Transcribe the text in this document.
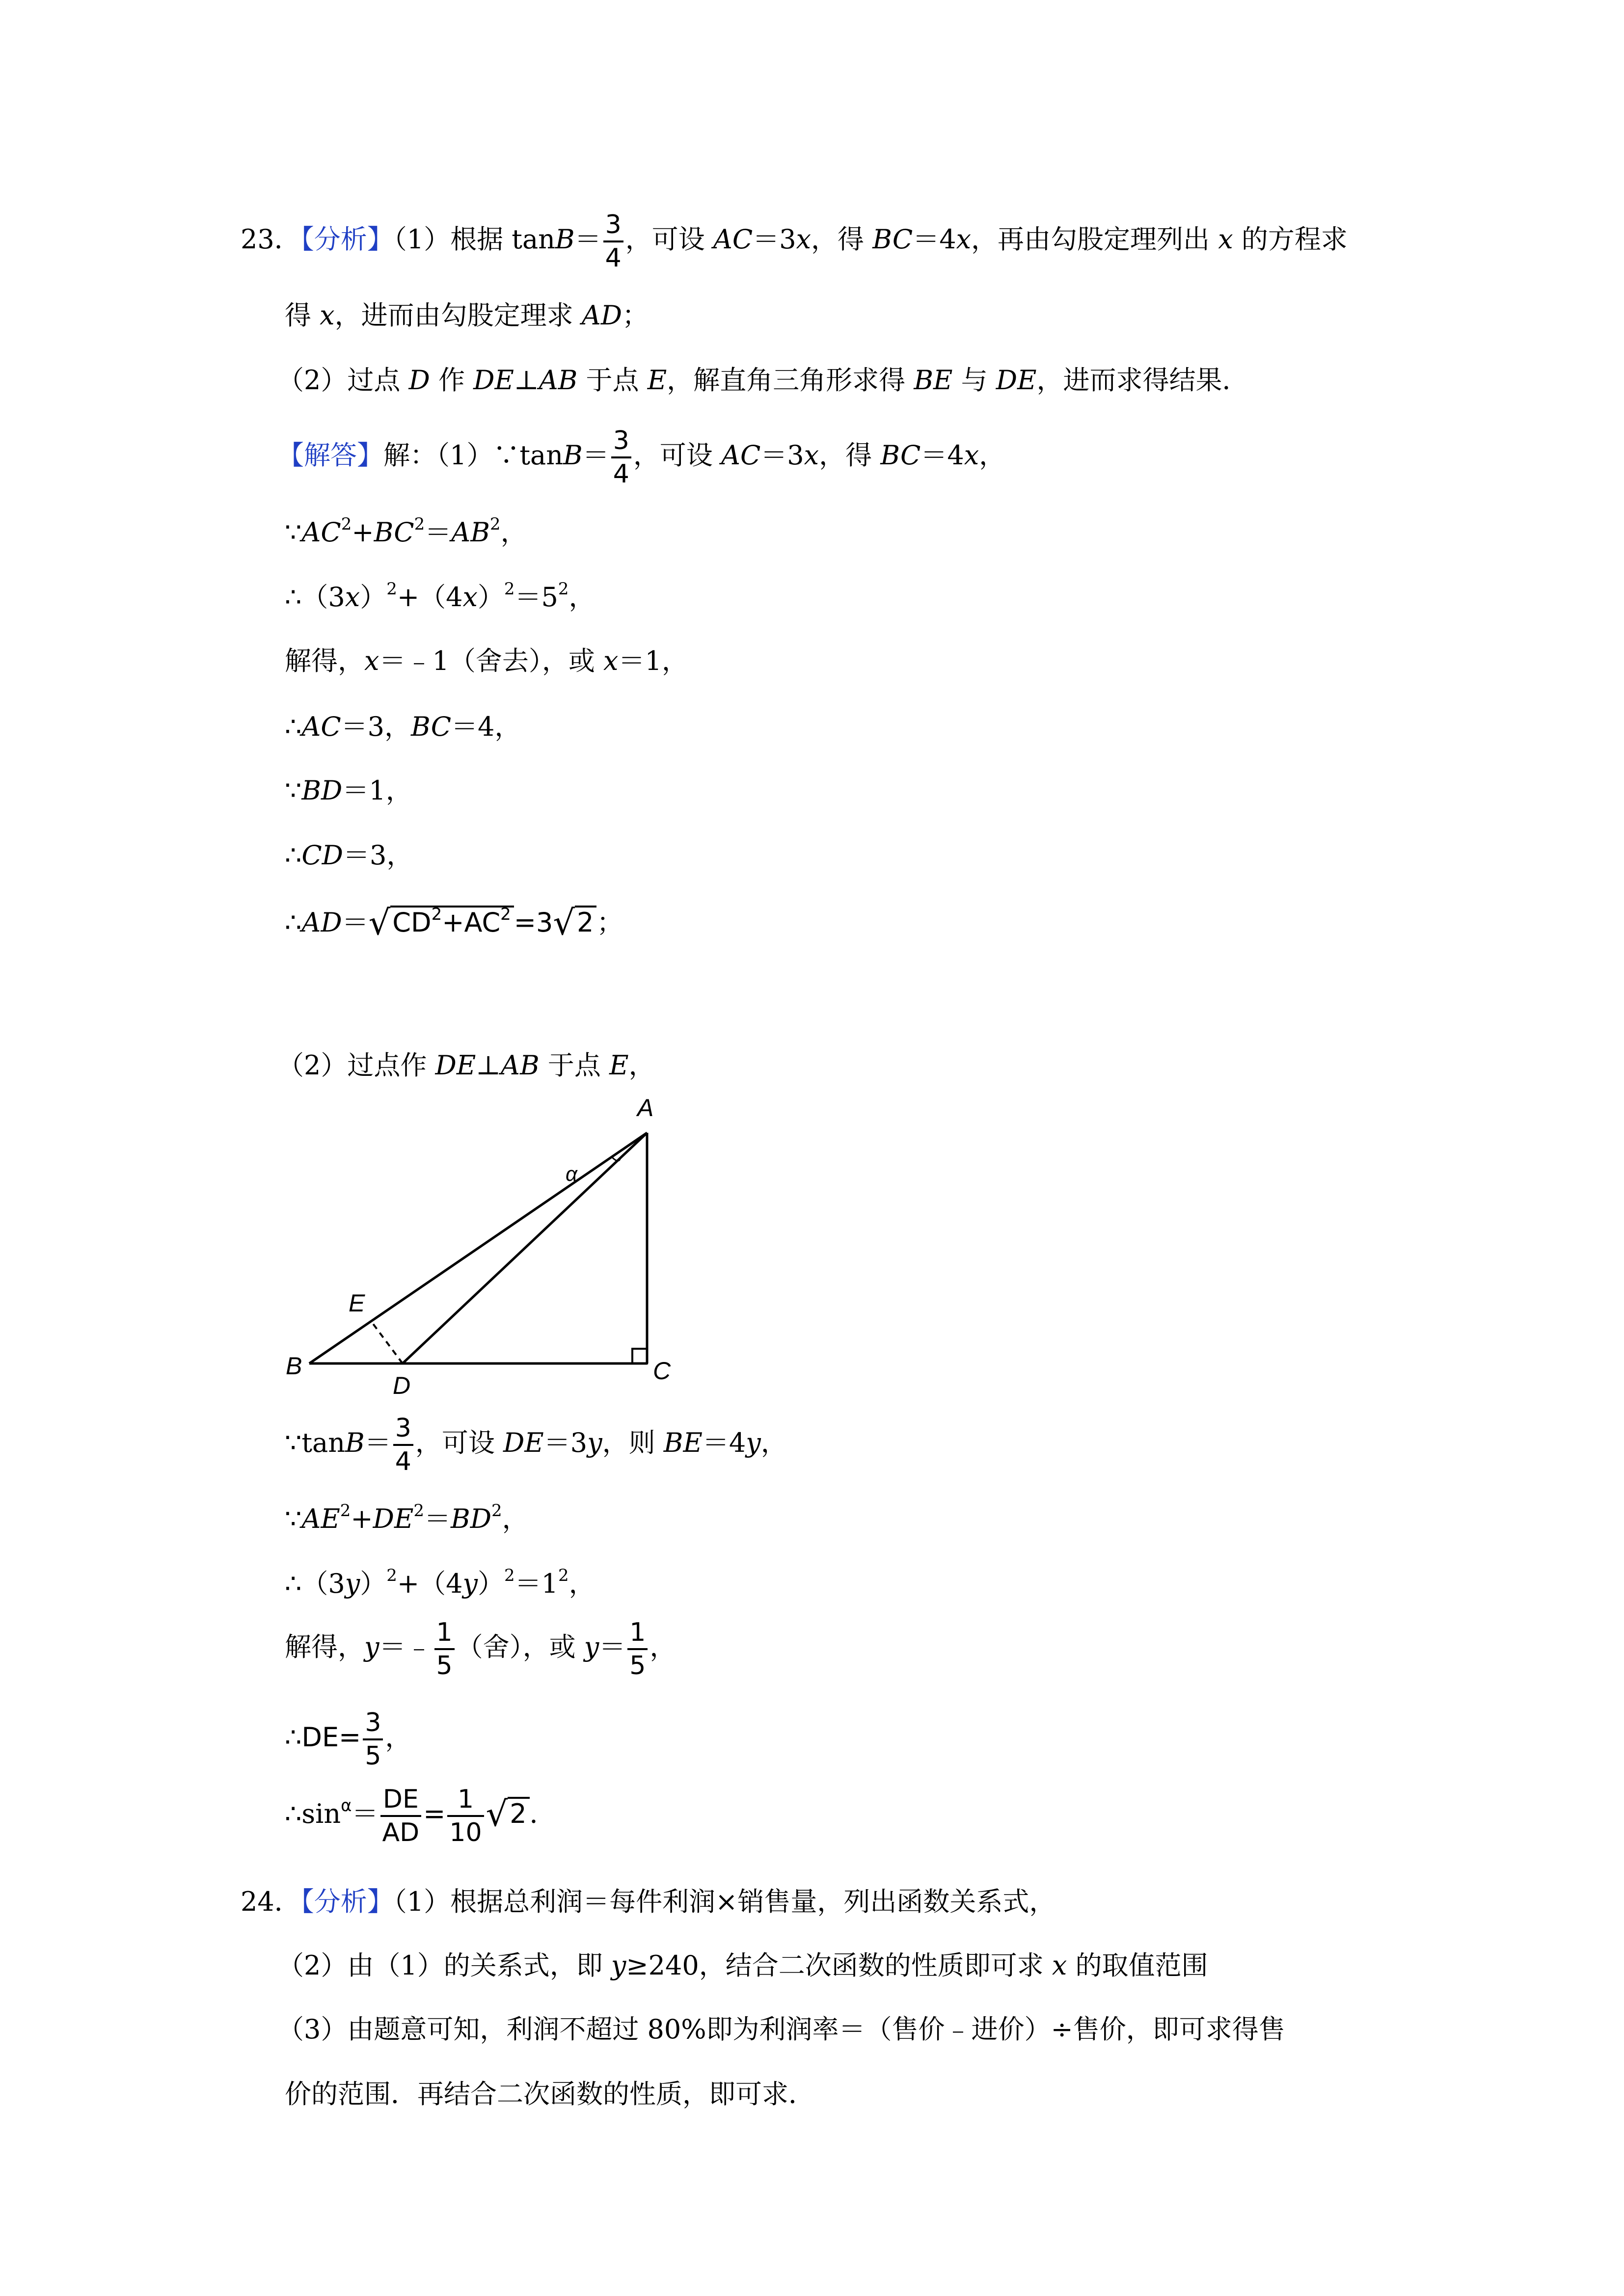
23．【分析】（1）根据 $\tan B= \frac{3}{4}$ ，可设 AC＝3x，得 BC＝4x，再由勾股定理列出 x 的方程求
得 x，进而由勾股定理求 AD；
（2）过点 D 作 DE⊥AB 于点 E，解直角三角形求得 BE 与 DE，进而求得结果．
【解答】解：（1）∵tanB＝ $\frac{3}{4}$ ，可设 AC＝3x，得 BC＝4x，
$\because AC^2+BC^2=AB^2$，
$\therefore(3x)^2+(4x)^2=5^2$，
解得，x＝﹣1（舍去），或 x＝1，
∴AC＝3，BC＝4，
∵BD＝1，
∴CD＝3，
$\therefore AD=√CD^2+AC^2 =3√2$ ；
（2）过点作 DE⊥AB 于点 E，
A
B	C
D
E
α
∵tanB＝ $\frac{3}{4}$ ，可设 DE＝3y，则 BE＝4y，
$\because AE^2+DE^2=BD^2$，
$\therefore(3y)^2+(4y)^2=1^2$，
解得，y＝﹣ $\frac{1}{5}$ （舍），或 $y= \frac{1}{5}$ ，
∴DE= $\frac{3}{5}$ ，
$\therefore\sin^\alpha= \frac{DE}{AD} = \frac{1}{10} √2$ ．
24．【分析】（1）根据总利润＝每件利润×销售量，列出函数关系式，
（2）由（1）的关系式，即 y≥240，结合二次函数的性质即可求 x 的取值范围
（3）由题意可知，利润不超过 80%即为利润率＝（售价﹣进价）÷售价，即可求得售
价的范围．再结合二次函数的性质，即可求．
